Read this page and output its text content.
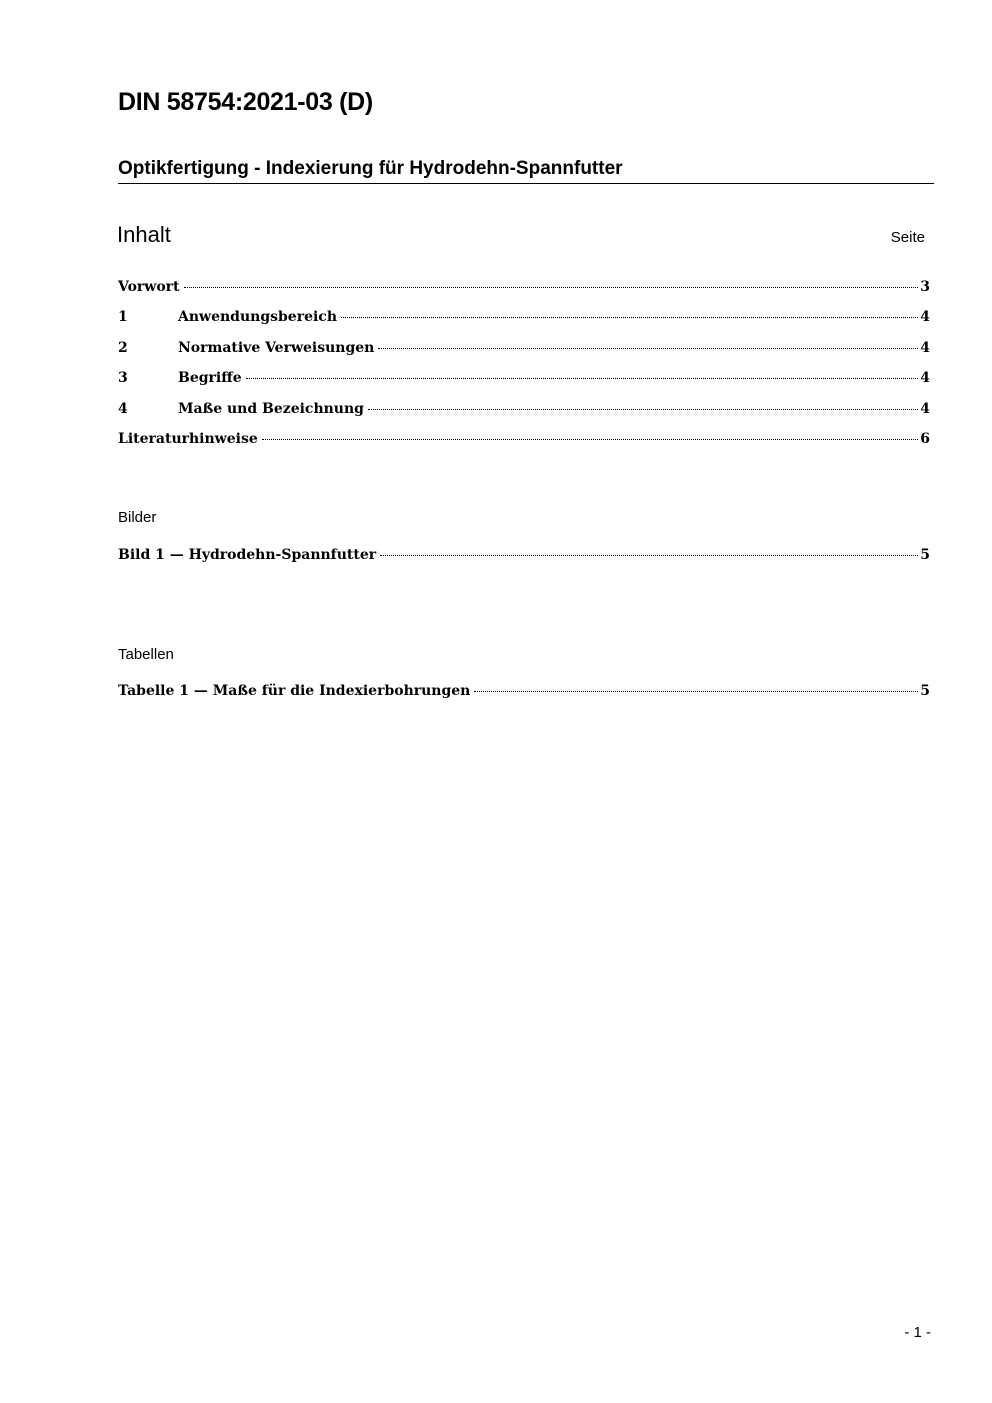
DIN 58754:2021-03 (D)
Optikfertigung - Indexierung für Hydrodehn-Spannfutter
Inhalt	Seite
Vorwort	3
1	Anwendungsbereich	4
2	Normative Verweisungen	4
3	Begriffe	4
4	Maße und Bezeichnung	4
Literaturhinweise	6
Bilder
Bild 1 — Hydrodehn-Spannfutter	5
Tabellen
Tabelle 1 — Maße für die Indexierbohrungen	5
- 1 -
